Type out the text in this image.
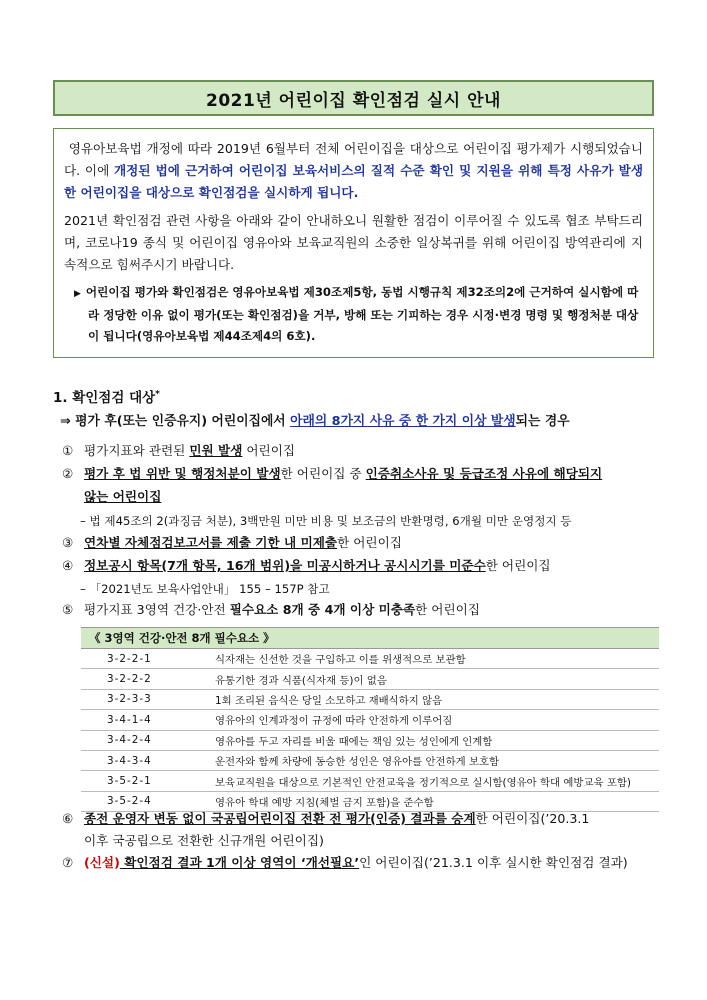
2021년 어린이집 확인점검 실시 안내

영유아보육법 개정에 따라 2019년 6월부터 전체 어린이집을 대상으로 어린이집 평가제가 시행되었습니다. 이에 개정된 법에 근거하여 어린이집 보육서비스의 질적 수준 확인 및 지원을 위해 특정 사유가 발생한 어린이집을 대상으로 확인점검을 실시하게 됩니다.

2021년 확인점검 관련 사항을 아래와 같이 안내하오니 원활한 점검이 이루어질 수 있도록 협조 부탁드리며, 코로나19 종식 및 어린이집 영유아와 보육교직원의 소중한 일상복귀를 위해 어린이집 방역관리에 지속적으로 힘써주시기 바랍니다.

▶ 어린이집 평가와 확인점검은 영유아보육법 제30조제5항, 동법 시행규칙 제32조의2에 근거하여 실시함에 따라 정당한 이유 없이 평가(또는 확인점검)을 거부, 방해 또는 기피하는 경우 시정·변경 명령 및 행정처분 대상이 됩니다(영유아보육법 제44조제4의 6호).
1. 확인점검 대상*
⇒ 평가 후(또는 인증유지) 어린이집에서 아래의 8가지 사유 중 한 가지 이상 발생되는 경우
① 평가지표와 관련된 민원 발생 어린이집
② 평가 후 법 위반 및 행정처분이 발생한 어린이집 중 인증취소사유 및 등급조정 사유에 해당되지
않는 어린이집
– 법 제45조의 2(과징금 처분), 3백만원 미만 비용 및 보조금의 반환명령, 6개월 미만 운영정지 등
③ 연차별 자체점검보고서를 제출 기한 내 미제출한 어린이집
④ 정보공시 항목(7개 항목, 16개 범위)을 미공시하거나 공시시기를 미준수한 어린이집
– 「2021년도 보육사업안내」 155 – 157P 참고
⑤ 평가지표 3영역 건강·안전 필수요소 8개 중 4개 이상 미충족한 어린이집
《 3영역 건강·안전 8개 필수요소 》	
3-2-2-1	식자재는 신선한 것을 구입하고 이를 위생적으로 보관함
3-2-2-2	유통기한 경과 식품(식자재 등)이 없음
3-2-3-3	1회 조리된 음식은 당일 소모하고 재배식하지 않음
3-4-1-4	영유아의 인계과정이 규정에 따라 안전하게 이루어짐
3-4-2-4	영유아를 두고 자리를 비울 때에는 책임 있는 성인에게 인계함
3-4-3-4	운전자와 함께 차량에 동승한 성인은 영유아를 안전하게 보호함
3-5-2-1	보육교직원을 대상으로 기본적인 안전교육을 정기적으로 실시함(영유아 학대 예방교육 포함)
3-5-2-4	영유아 학대 예방 지침(체벌 금지 포함)을 준수함
⑥ 종전 운영자 변동 없이 국공립어린이집 전환 전 평가(인증) 결과를 승계한 어린이집(’20.3.1
이후 국공립으로 전환한 신규개원 어린이집)
⑦ (신설) 확인점검 결과 1개 이상 영역이 ‘개선필요’인 어린이집(’21.3.1 이후 실시한 확인점검 결과)
